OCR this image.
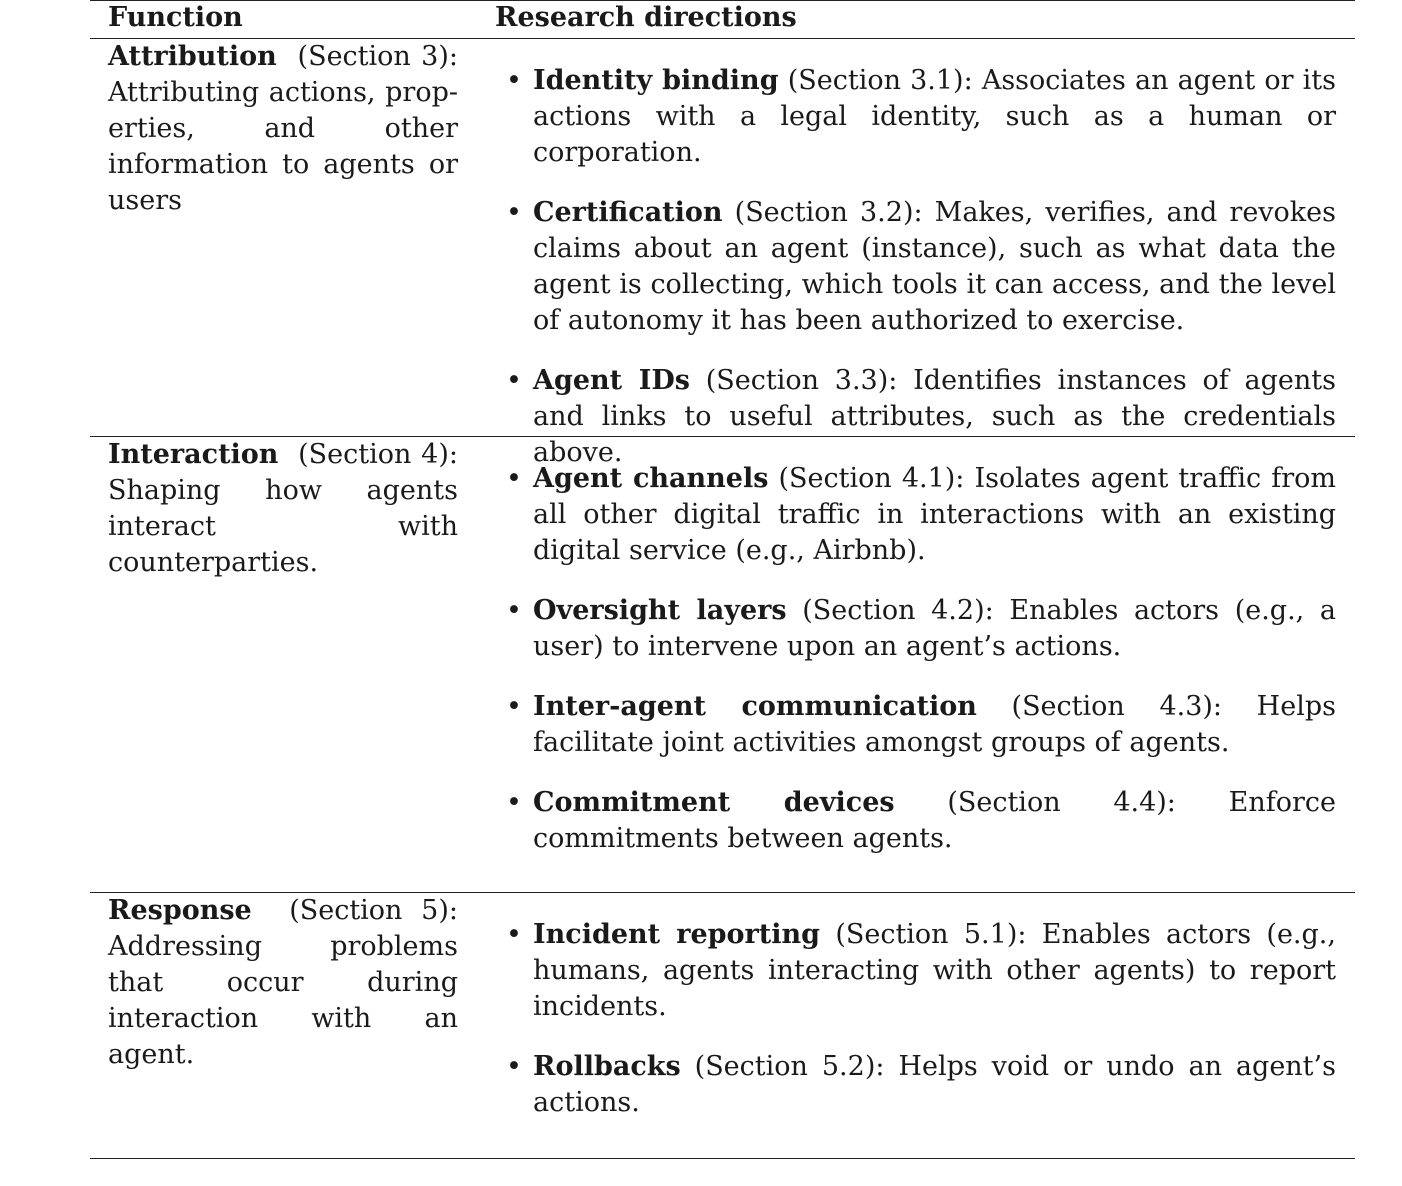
Function	Research directions
Attribution (Section 3): Attributing actions, properties, and other information to agents or users
• Identity binding (Section 3.1): Associates an agent or its actions with a legal identity, such as a human or corporation.
• Certification (Section 3.2): Makes, verifies, and revokes claims about an agent (instance), such as what data the agent is collecting, which tools it can access, and the level of autonomy it has been authorized to exercise.
• Agent IDs (Section 3.3): Identifies instances of agents and links to useful attributes, such as the credentials above.
Interaction (Section 4): Shaping how agents interact with counterparties.
• Agent channels (Section 4.1): Isolates agent traffic from all other digital traffic in interactions with an existing digital service (e.g., Airbnb).
• Oversight layers (Section 4.2): Enables actors (e.g., a user) to intervene upon an agent’s actions.
• Inter-agent communication (Section 4.3): Helps facilitate joint activities amongst groups of agents.
• Commitment devices (Section 4.4): Enforce commitments between agents.
Response (Section 5): Addressing problems that occur during interaction with an agent.
• Incident reporting (Section 5.1): Enables actors (e.g., humans, agents interacting with other agents) to report incidents.
• Rollbacks (Section 5.2): Helps void or undo an agent’s actions.
